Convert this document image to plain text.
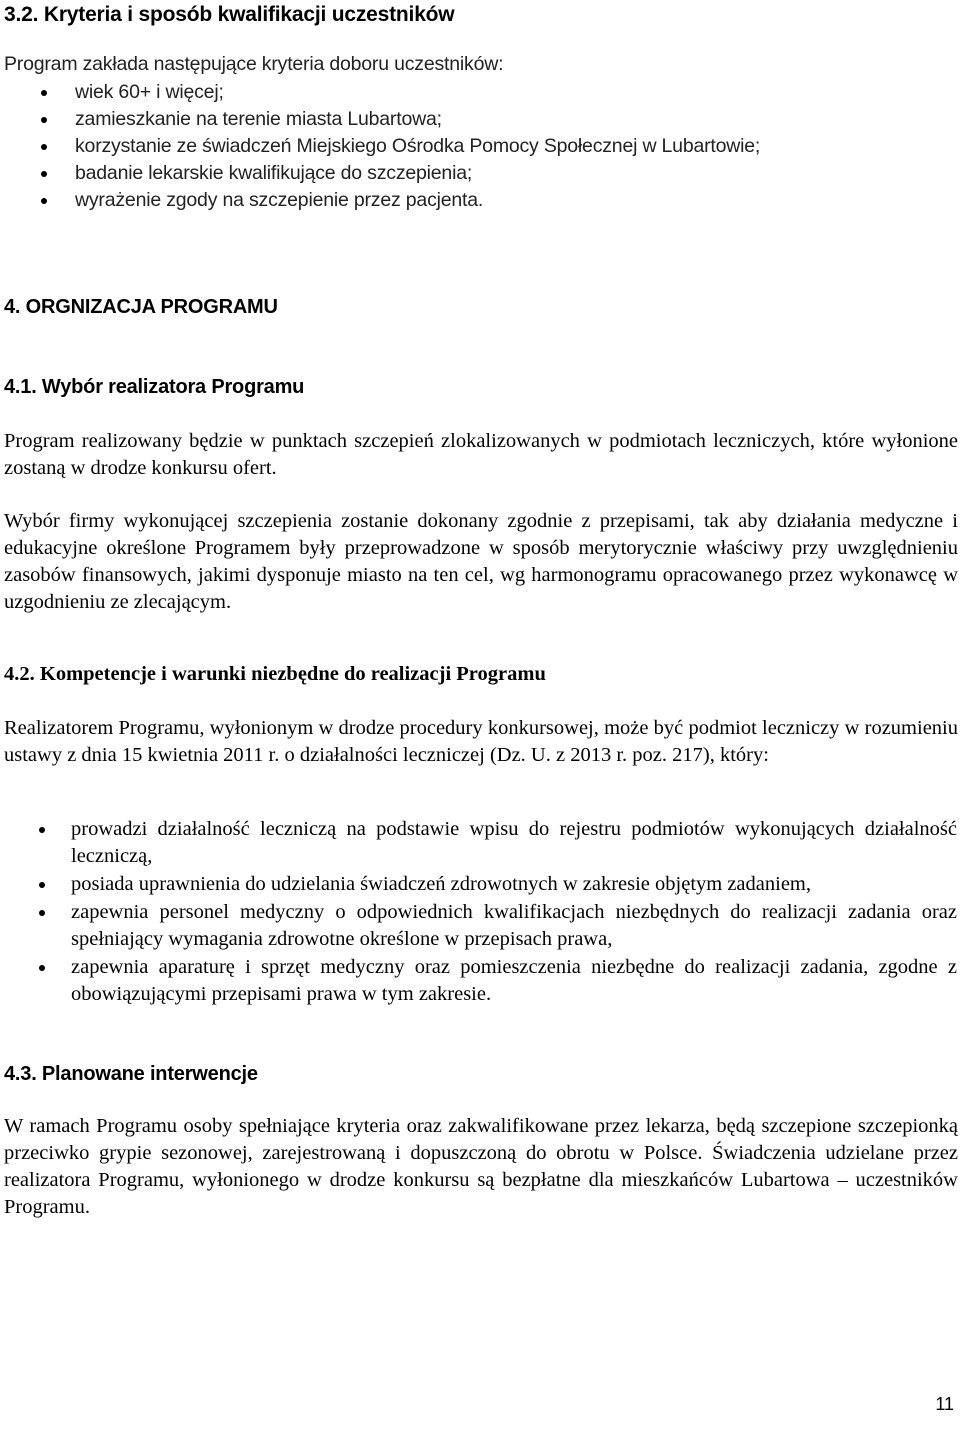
3.2. Kryteria i sposób kwalifikacji uczestników
Program zakłada następujące kryteria doboru uczestników:
wiek 60+ i więcej;
zamieszkanie na terenie miasta Lubartowa;
korzystanie ze świadczeń Miejskiego Ośrodka Pomocy Społecznej w Lubartowie;
badanie lekarskie kwalifikujące do szczepienia;
wyrażenie zgody na szczepienie przez pacjenta.
4. ORGNIZACJA PROGRAMU
4.1. Wybór realizatora Programu
Program realizowany będzie w punktach szczepień zlokalizowanych w podmiotach leczniczych, które wyłonione zostaną w drodze konkursu ofert.
Wybór firmy wykonującej szczepienia zostanie dokonany zgodnie z przepisami, tak aby działania medyczne i edukacyjne określone Programem były przeprowadzone w sposób merytorycznie właściwy przy uwzględnieniu zasobów finansowych, jakimi dysponuje miasto na ten cel, wg harmonogramu opracowanego przez wykonawcę w uzgodnieniu ze zlecającym.
4.2. Kompetencje i warunki niezbędne do realizacji Programu
Realizatorem Programu, wyłonionym w drodze procedury konkursowej, może być podmiot leczniczy w rozumieniu ustawy z dnia 15 kwietnia 2011 r. o działalności leczniczej (Dz. U. z 2013 r. poz. 217), który:
prowadzi działalność leczniczą na podstawie wpisu do rejestru podmiotów wykonujących działalność leczniczą,
posiada uprawnienia do udzielania świadczeń zdrowotnych w zakresie objętym zadaniem,
zapewnia personel medyczny o odpowiednich kwalifikacjach niezbędnych do realizacji zadania oraz spełniający wymagania zdrowotne określone w przepisach prawa,
zapewnia aparaturę i sprzęt medyczny oraz pomieszczenia niezbędne do realizacji zadania, zgodne z obowiązującymi przepisami prawa w tym zakresie.
4.3. Planowane interwencje
W ramach Programu osoby spełniające kryteria oraz zakwalifikowane przez lekarza, będą szczepione szczepionką przeciwko grypie sezonowej, zarejestrowaną i dopuszczoną do obrotu w Polsce. Świadczenia udzielane przez realizatora Programu, wyłonionego w drodze konkursu są bezpłatne dla mieszkańców Lubartowa – uczestników Programu.
11
